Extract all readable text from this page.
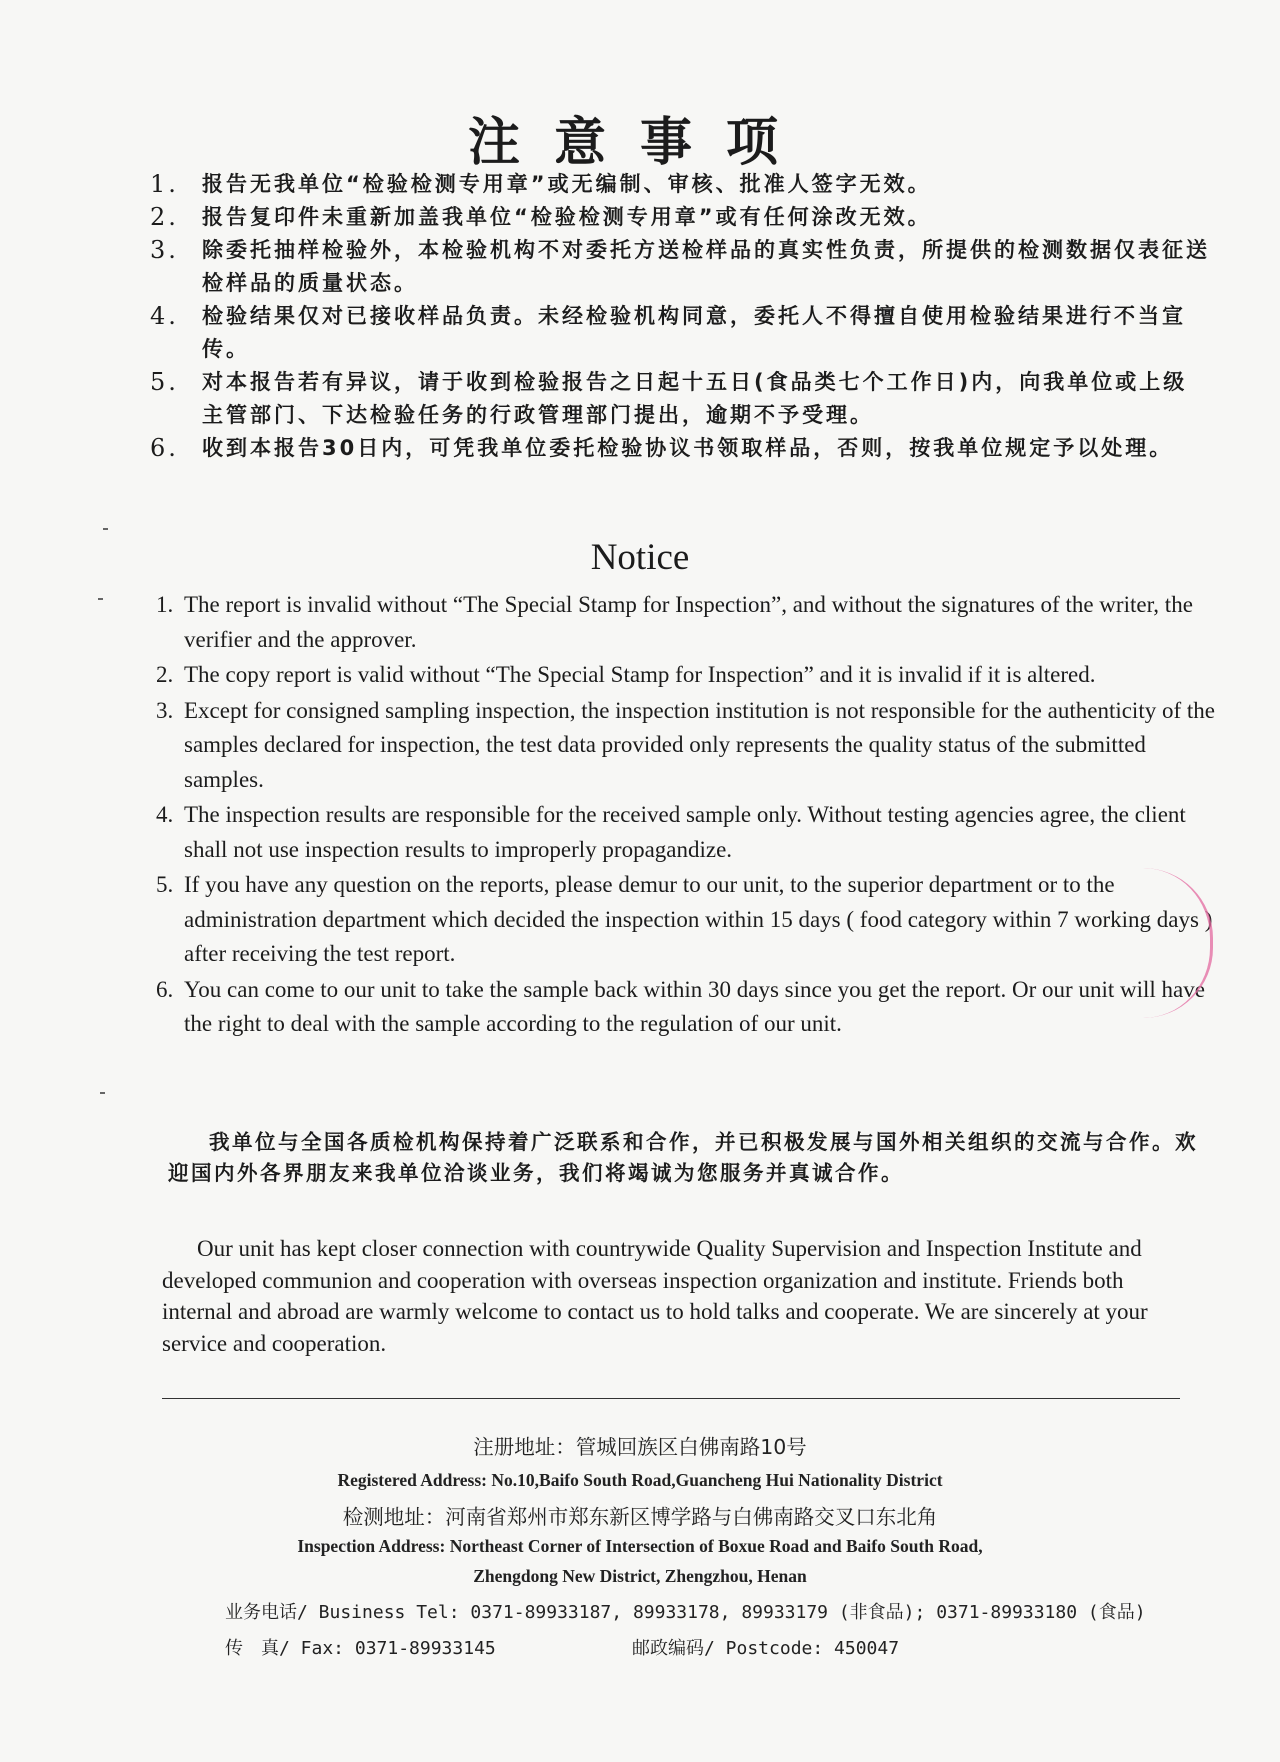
注意事项
1.	报告无我单位“检验检测专用章”或无编制、审核、批准人签字无效。
2.	报告复印件未重新加盖我单位“检验检测专用章”或有任何涂改无效。
3.	除委托抽样检验外，本检验机构不对委托方送检样品的真实性负责，所提供的检测数据仅表征送检样品的质量状态。
4.	检验结果仅对已接收样品负责。未经检验机构同意，委托人不得擅自使用检验结果进行不当宣传。
5.	对本报告若有异议，请于收到检验报告之日起十五日(食品类七个工作日)内，向我单位或上级主管部门、下达检验任务的行政管理部门提出，逾期不予受理。
6.	收到本报告30日内，可凭我单位委托检验协议书领取样品，否则，按我单位规定予以处理。
Notice
1. The report is invalid without “The Special Stamp for Inspection”, and without the signatures of the writer, the verifier and the approver.
2. The copy report is valid without “The Special Stamp for Inspection” and it is invalid if it is altered.
3. Except for consigned sampling inspection, the inspection institution is not responsible for the authenticity of the samples declared for inspection, the test data provided only represents the quality status of the submitted samples.
4. The inspection results are responsible for the received sample only. Without testing agencies agree, the client shall not use inspection results to improperly propagandize.
5. If you have any question on the reports, please demur to our unit, to the superior department or to the administration department which decided the inspection within 15 days ( food category within 7 working days ) after receiving the test report.
6. You can come to our unit to take the sample back within 30 days since you get the report. Or our unit will have the right to deal with the sample according to the regulation of our unit.
我单位与全国各质检机构保持着广泛联系和合作，并已积极发展与国外相关组织的交流与合作。欢迎国内外各界朋友来我单位洽谈业务，我们将竭诚为您服务并真诚合作。
Our unit has kept closer connection with countrywide Quality Supervision and Inspection Institute and developed communion and cooperation with overseas inspection organization and institute. Friends both internal and abroad are warmly welcome to contact us to hold talks and cooperate. We are sincerely at your service and cooperation.
注册地址：管城回族区白佛南路10号
Registered Address: No.10,Baifo South Road,Guancheng Hui Nationality District
检测地址：河南省郑州市郑东新区博学路与白佛南路交叉口东北角
Inspection Address: Northeast Corner of Intersection of Boxue Road and Baifo South Road,
Zhengdong New District, Zhengzhou, Henan
业务电话/ Business Tel: 0371-89933187, 89933178, 89933179 (非食品); 0371-89933180 (食品)
传　真/ Fax: 0371-89933145	邮政编码/ Postcode: 450047
